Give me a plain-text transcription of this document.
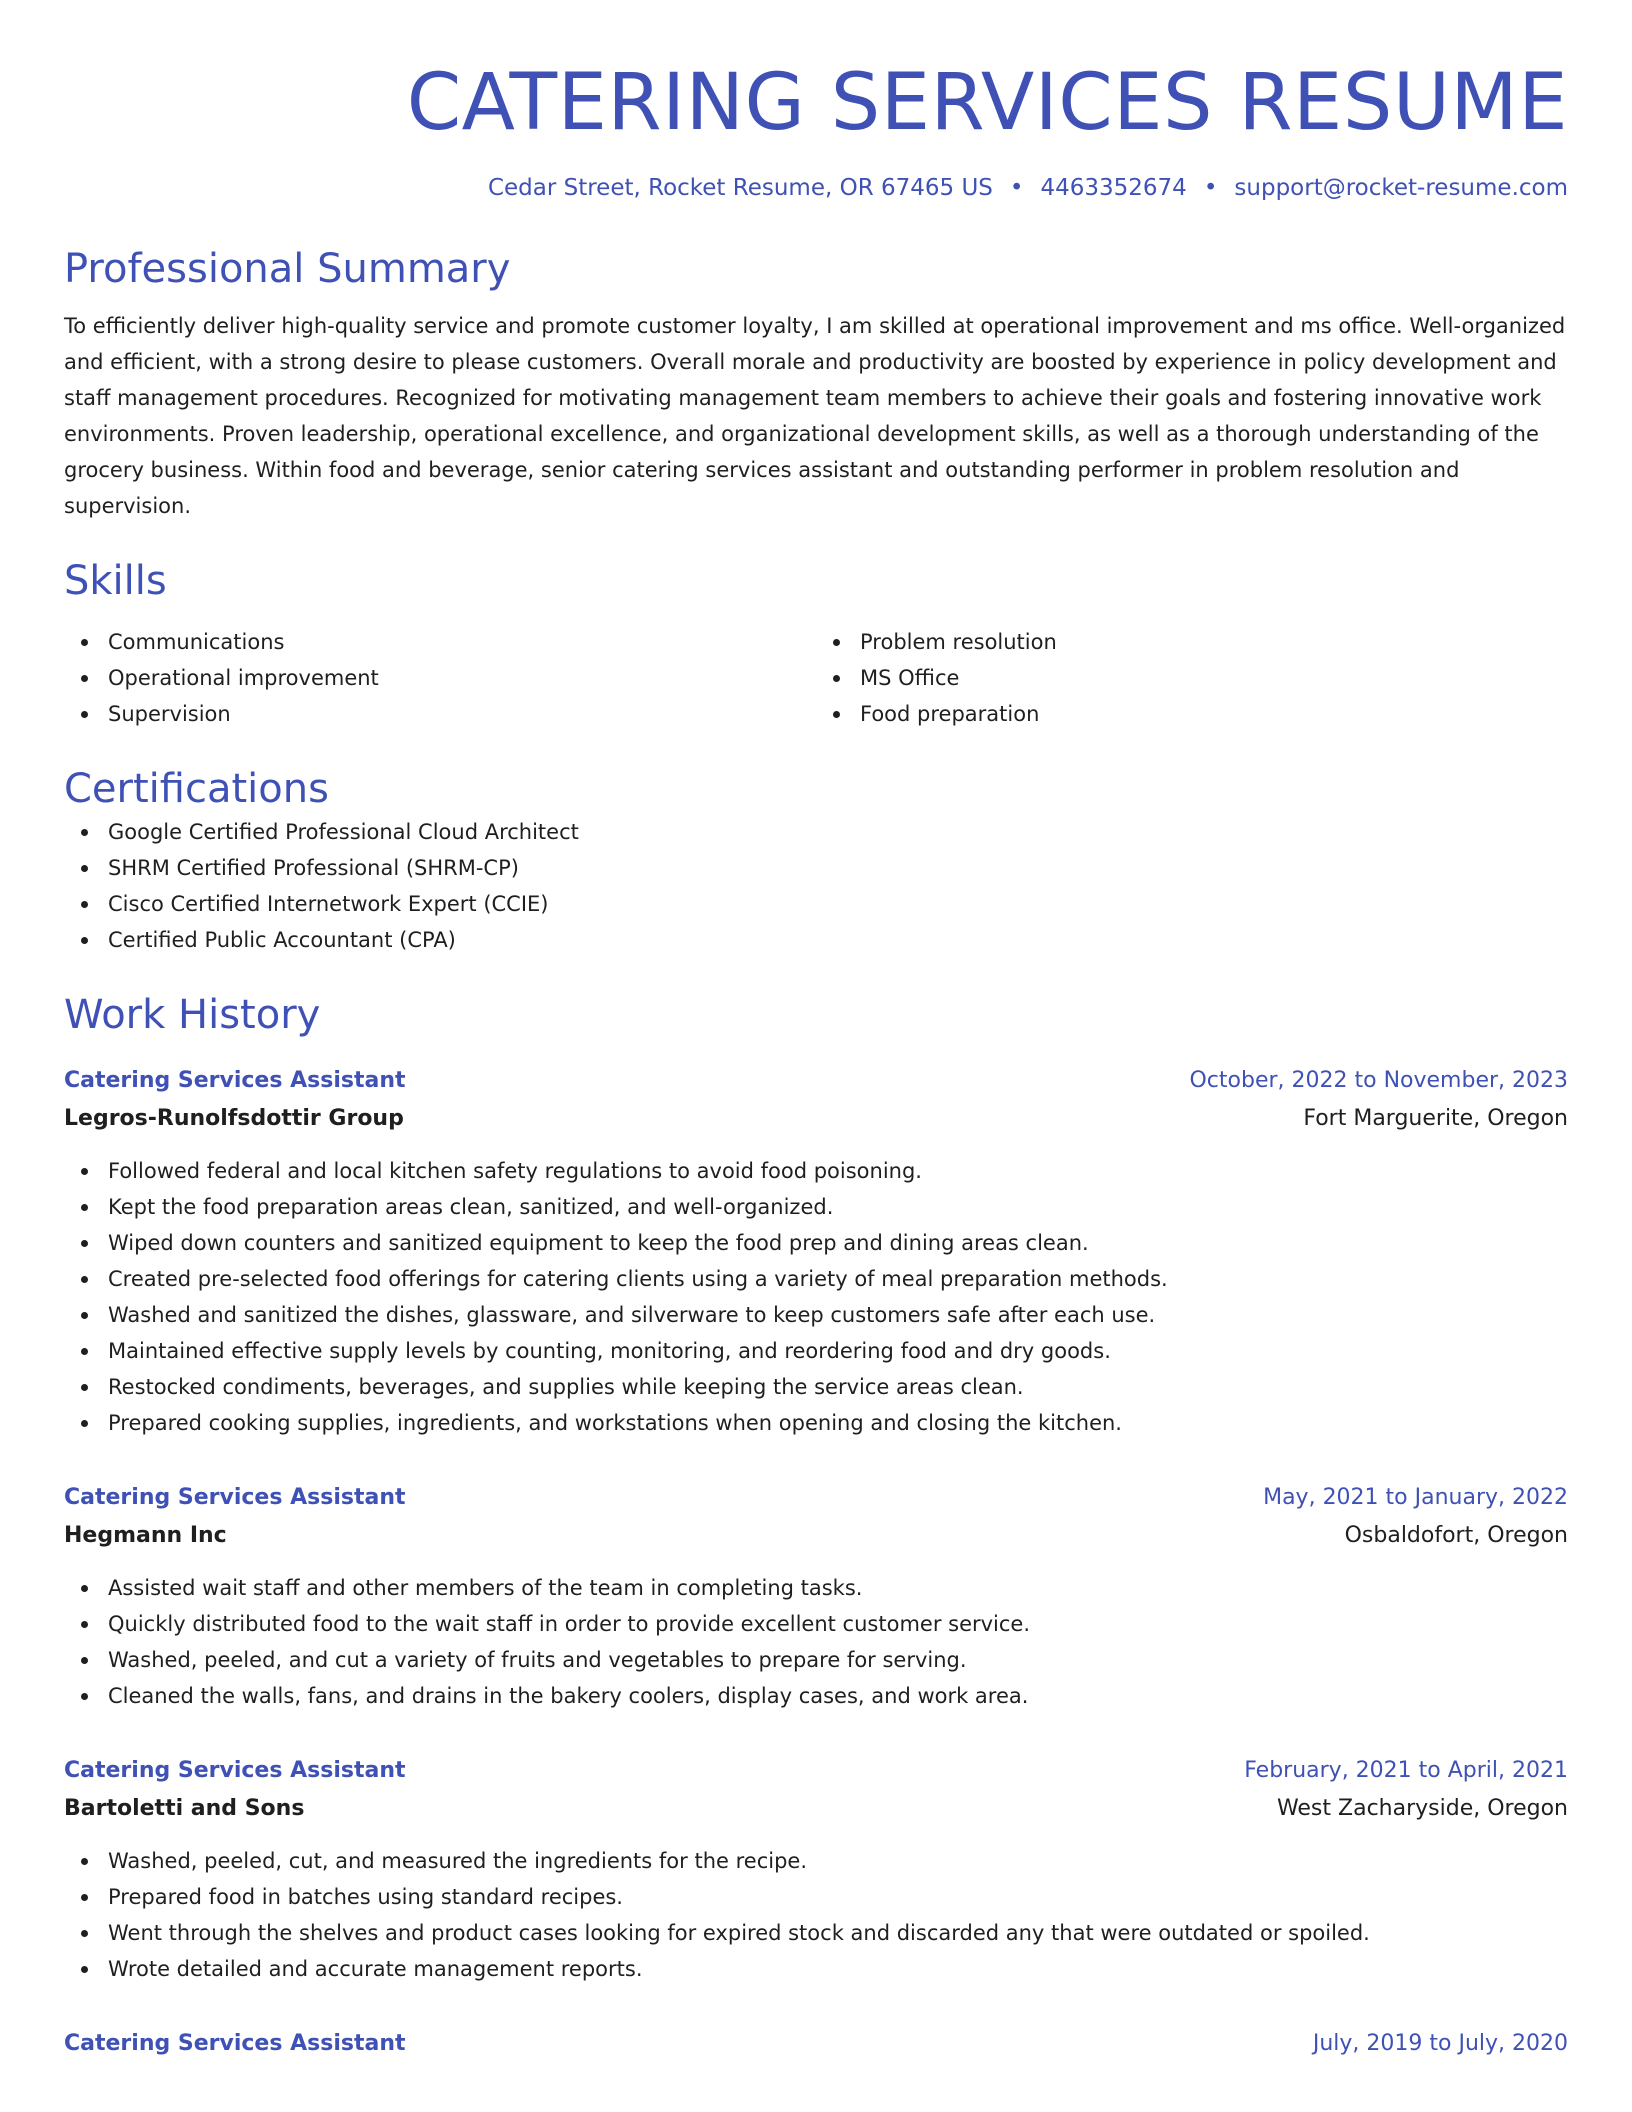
CATERING SERVICES RESUME
Cedar Street, Rocket Resume, OR 67465 US • 4463352674 • support@rocket-resume.com
Professional Summary
To efficiently deliver high-quality service and promote customer loyalty, I am skilled at operational improvement and ms office. Well-organized and efficient, with a strong desire to please customers. Overall morale and productivity are boosted by experience in policy development and staff management procedures. Recognized for motivating management team members to achieve their goals and fostering innovative work environments. Proven leadership, operational excellence, and organizational development skills, as well as a thorough understanding of the grocery business. Within food and beverage, senior catering services assistant and outstanding performer in problem resolution and supervision.
Skills
Communications
Operational improvement
Supervision
Problem resolution
MS Office
Food preparation
Certifications
Google Certified Professional Cloud Architect
SHRM Certified Professional (SHRM-CP)
Cisco Certified Internetwork Expert (CCIE)
Certified Public Accountant (CPA)
Work History
Catering Services Assistant	October, 2022 to November, 2023
Legros-Runolfsdottir Group	Fort Marguerite, Oregon
Followed federal and local kitchen safety regulations to avoid food poisoning.
Kept the food preparation areas clean, sanitized, and well-organized.
Wiped down counters and sanitized equipment to keep the food prep and dining areas clean.
Created pre-selected food offerings for catering clients using a variety of meal preparation methods.
Washed and sanitized the dishes, glassware, and silverware to keep customers safe after each use.
Maintained effective supply levels by counting, monitoring, and reordering food and dry goods.
Restocked condiments, beverages, and supplies while keeping the service areas clean.
Prepared cooking supplies, ingredients, and workstations when opening and closing the kitchen.
Catering Services Assistant	May, 2021 to January, 2022
Hegmann Inc	Osbaldofort, Oregon
Assisted wait staff and other members of the team in completing tasks.
Quickly distributed food to the wait staff in order to provide excellent customer service.
Washed, peeled, and cut a variety of fruits and vegetables to prepare for serving.
Cleaned the walls, fans, and drains in the bakery coolers, display cases, and work area.
Catering Services Assistant	February, 2021 to April, 2021
Bartoletti and Sons	West Zacharyside, Oregon
Washed, peeled, cut, and measured the ingredients for the recipe.
Prepared food in batches using standard recipes.
Went through the shelves and product cases looking for expired stock and discarded any that were outdated or spoiled.
Wrote detailed and accurate management reports.
Catering Services Assistant	July, 2019 to July, 2020
